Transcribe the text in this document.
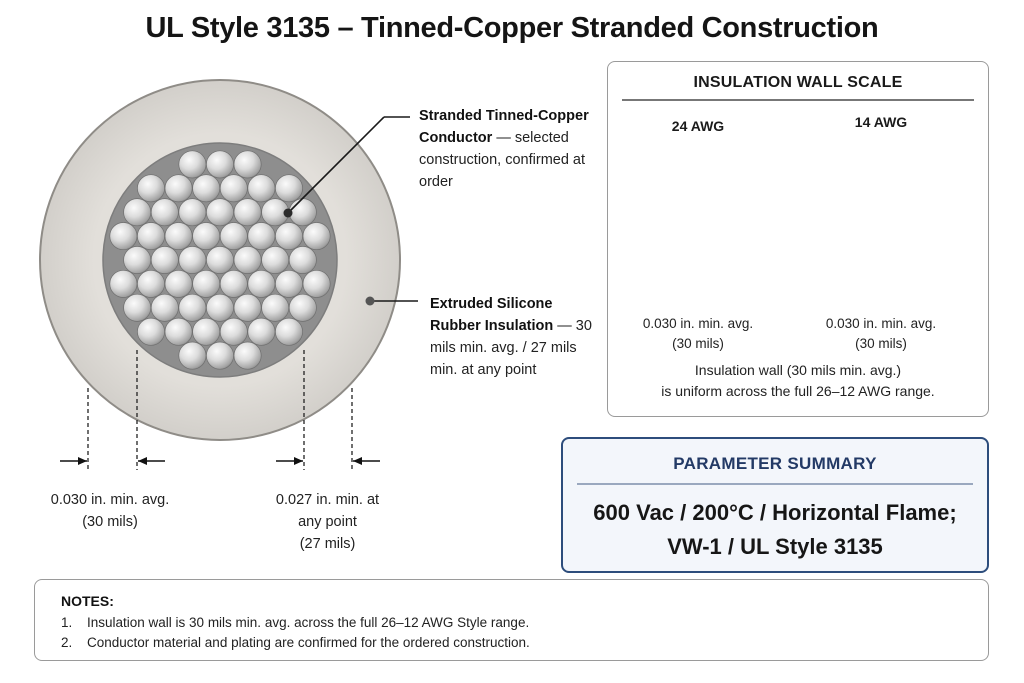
UL Style 3135 – Tinned-Copper Stranded Construction
Stranded Tinned-Copper Conductor — selected construction, confirmed at order
Extruded Silicone Rubber Insulation — 30 mils min. avg. / 27 mils min. at any point
0.030 in. min. avg.
(30 mils)
0.027 in. min. at
any point
(27 mils)
INSULATION WALL SCALE
24 AWG	14 AWG
0.030 in. min. avg.
(30 mils)
0.030 in. min. avg.
(30 mils)
Insulation wall (30 mils min. avg.)
is uniform across the full 26–12 AWG range.
PARAMETER SUMMARY
600 Vac / 200°C / Horizontal Flame;
VW-1 / UL Style 3135
NOTES:
1. Insulation wall is 30 mils min. avg. across the full 26–12 AWG Style range.
2. Conductor material and plating are confirmed for the ordered construction.
